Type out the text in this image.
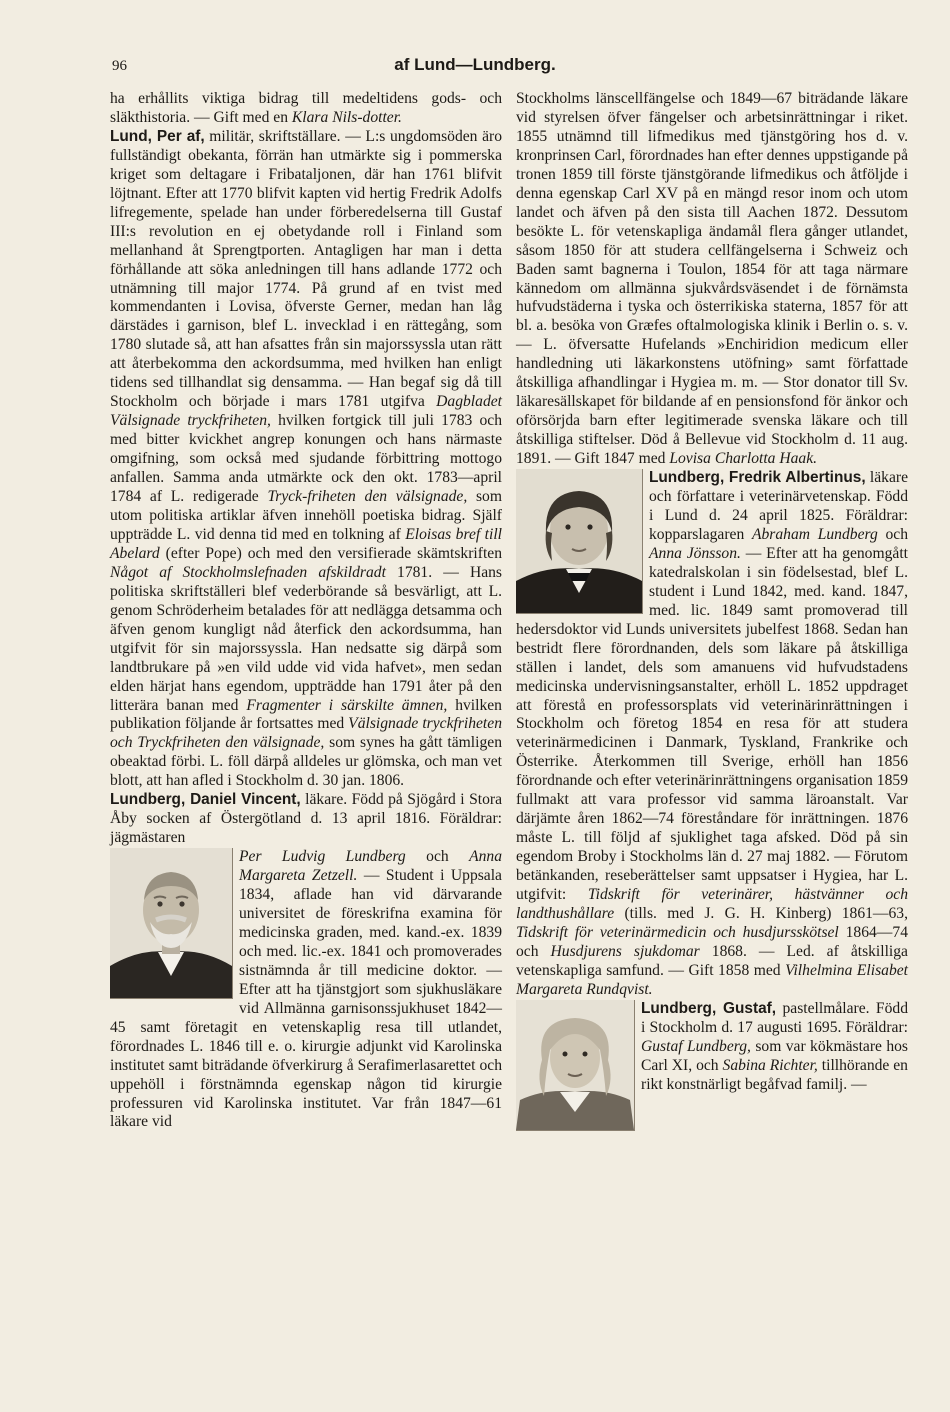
96	af Lund—Lundberg.

ha erhållits viktiga bidrag till medeltidens gods- och släkthistoria. — Gift med en Klara Nils-dotter.

Lund, Per af, militär, skriftställare. — L:s ungdomsöden äro fullständigt obekanta, förrän han utmärkte sig i pommerska kriget som deltagare i Fribataljonen, där han 1761 blifvit löjtnant. Efter att 1770 blifvit kapten vid hertig Fredrik Adolfs lifregemente, spelade han under förberedelserna till Gustaf III:s revolution en ej obetydande roll i Finland som mellanhand åt Sprengtporten. Antagligen har man i detta förhållande att söka anledningen till hans adlande 1772 och utnämning till major 1774. På grund af en tvist med kommendanten i Lovisa, öfverste Gerner, medan han låg därstädes i garnison, blef L. invecklad i en rättegång, som 1780 slutade så, att han afsattes från sin majorssyssla utan rätt att återbekomma den ackordsumma, med hvilken han enligt tidens sed tillhandlat sig densamma. — Han begaf sig då till Stockholm och började i mars 1781 utgifva Dagbladet Välsignade tryckfriheten, hvilken fortgick till juli 1783 och med bitter kvickhet angrep konungen och hans närmaste omgifning, som också med sjudande förbittring mottogo anfallen. Samma anda utmärkte ock den okt. 1783—april 1784 af L. redigerade Tryck-friheten den välsignade, som utom politiska artiklar äfven innehöll poetiska bidrag. Själf uppträdde L. vid denna tid med en tolkning af Eloisas bref till Abelard (efter Pope) och med den versifierade skämtskriften Något af Stockholmslefnaden afskildradt 1781. — Hans politiska skriftställeri blef vederbörande så besvärligt, att L. genom Schröderheim betalades för att nedlägga detsamma och äfven genom kungligt nåd återfick den ackordsumma, han utgifvit för sin majorssyssla. Han nedsatte sig därpå som landtbrukare på »en vild udde vid vida hafvet», men sedan elden härjat hans egendom, uppträdde han 1791 åter på den litterära banan med Fragmenter i särskilte ämnen, hvilken publikation följande år fortsattes med Välsignade tryckfriheten och Tryckfriheten den välsignade, som synes ha gått tämligen obeaktad förbi. L. föll därpå alldeles ur glömska, och man vet blott, att han afled i Stockholm d. 30 jan. 1806.

Lundberg, Daniel Vincent, läkare. Född på Sjögård i Stora Åby socken af Östergötland d. 13 april 1816. Föräldrar: jägmästaren

Per Ludvig Lundberg och Anna Margareta Zetzell. — Student i Uppsala 1834, aflade han vid därvarande universitet de föreskrifna examina för medicinska graden, med. kand.-ex. 1839 och med. lic.-ex. 1841 och promoverades sistnämnda år till medicine doktor. — Efter att ha tjänstgjort som sjukhusläkare vid Allmänna garnisonssjukhuset 1842—45 samt företagit en vetenskaplig resa till utlandet, förordnades L. 1846 till e. o. kirurgie adjunkt vid Karolinska institutet samt biträdande öfverkirurg å Serafimerlasarettet och uppehöll i förstnämnda egenskap någon tid kirurgie professuren vid Karolinska institutet. Var från 1847—61 läkare vid

Stockholms länscellfängelse och 1849—67 biträdande läkare vid styrelsen öfver fängelser och arbetsinrättningar i riket. 1855 utnämnd till lifmedikus med tjänstgöring hos d. v. kronprinsen Carl, förordnades han efter dennes uppstigande på tronen 1859 till förste tjänstgörande lifmedikus och åtföljde i denna egenskap Carl XV på en mängd resor inom och utom landet och äfven på den sista till Aachen 1872. Dessutom besökte L. för vetenskapliga ändamål flera gånger utlandet, såsom 1850 för att studera cellfängelserna i Schweiz och Baden samt bagnerna i Toulon, 1854 för att taga närmare kännedom om allmänna sjukvårdsväsendet i de förnämsta hufvudstäderna i tyska och österrikiska staterna, 1857 för att bl. a. besöka von Græfes oftalmologiska klinik i Berlin o. s. v. — L. öfversatte Hufelands »Enchiridion medicum eller handledning uti läkarkonstens utöfning» samt författade åtskilliga afhandlingar i Hygiea m. m. — Stor donator till Sv. läkaresällskapet för bildande af en pensionsfond för änkor och oförsörjda barn efter legitimerade svenska läkare och till åtskilliga stiftelser. Död å Bellevue vid Stockholm d. 11 aug. 1891. — Gift 1847 med Lovisa Charlotta Haak.

Lundberg, Fredrik Albertinus,
läkare och författare i veterinärvetenskap. Född i Lund d. 24 april 1825. Föräldrar: kopparslagaren Abraham Lundberg och Anna Jönsson. — Efter att ha genomgått katedralskolan i sin födelsestad, blef L. student i Lund 1842, med. kand. 1847, med. lic. 1849 samt promoverad till hedersdoktor vid Lunds universitets jubelfest 1868. Sedan han bestridt flere förordnanden, dels som läkare på åtskilliga ställen i landet, dels som amanuens vid hufvudstadens medicinska undervisningsanstalter, erhöll L. 1852 uppdraget att förestå en professorsplats vid veterinärinrättningen i Stockholm och företog 1854 en resa för att studera veterinärmedicinen i Danmark, Tyskland, Frankrike och Österrike. Återkommen till Sverige, erhöll han 1856 förordnande och efter veterinärinrättningens organisation 1859 fullmakt att vara professor vid samma läroanstalt. Var därjämte åren 1862—74 föreståndare för inrättningen. 1876 måste L. till följd af sjuklighet taga afsked. Död på sin egendom Broby i Stockholms län d. 27 maj 1882. — Förutom betänkanden, reseberättelser samt uppsatser i Hygiea, har L. utgifvit: Tidskrift för veterinärer, hästvänner och landthushållare (tills. med J. G. H. Kinberg) 1861—63, Tidskrift för veterinärmedicin och husdjursskötsel 1864—74 och Husdjurens sjukdomar 1868. — Led. af åtskilliga vetenskapliga samfund. — Gift 1858 med Vilhelmina Elisabet Margareta Rundqvist.

Lundberg, Gustaf, pastellmålare. Född i Stockholm d. 17 augusti 1695. Föräldrar: Gustaf Lundberg, som var kökmästare hos Carl XI, och Sabina Richter, tillhörande en rikt konstnärligt begåfvad familj. —
